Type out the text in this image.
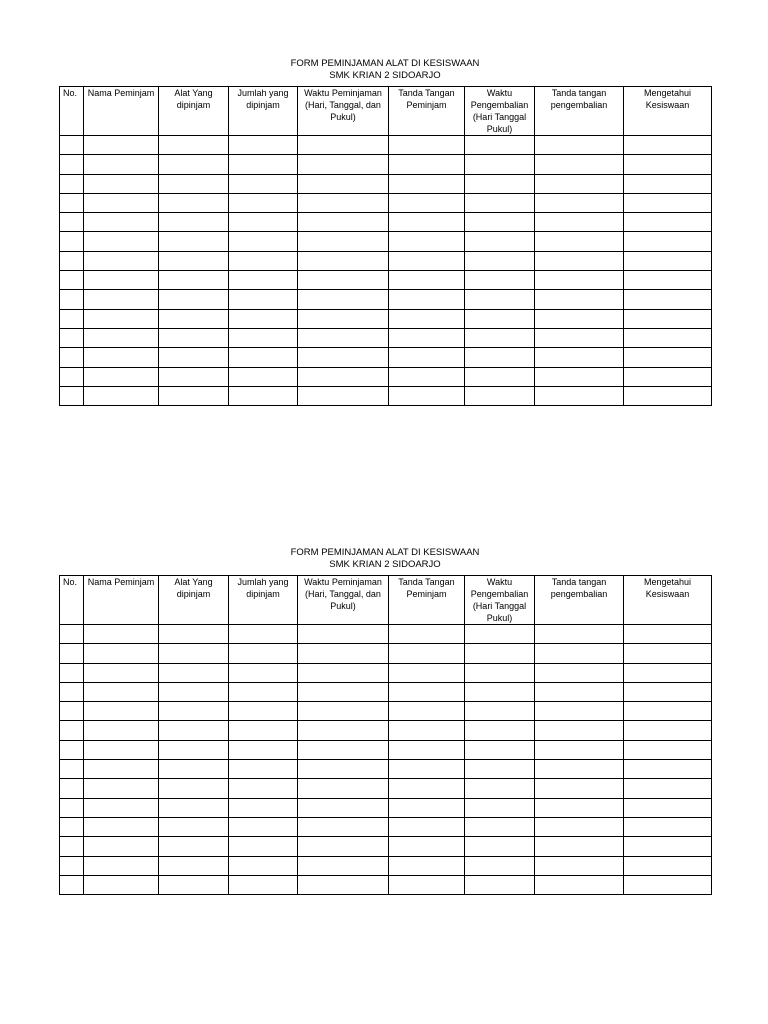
FORM PEMINJAMAN ALAT DI KESISWAAN
SMK KRIAN 2 SIDOARJO
No.	Nama Peminjam	Alat Yang dipinjam	Jumlah yang dipinjam	Waktu Peminjaman (Hari, Tanggal, dan Pukul)	Tanda Tangan Peminjam	Waktu Pengembalian (Hari Tanggal Pukul)	Tanda tangan pengembalian	Mengetahui Kesiswaan

FORM PEMINJAMAN ALAT DI KESISWAAN
SMK KRIAN 2 SIDOARJO
No.	Nama Peminjam	Alat Yang dipinjam	Jumlah yang dipinjam	Waktu Peminjaman (Hari, Tanggal, dan Pukul)	Tanda Tangan Peminjam	Waktu Pengembalian (Hari Tanggal Pukul)	Tanda tangan pengembalian	Mengetahui Kesiswaan
